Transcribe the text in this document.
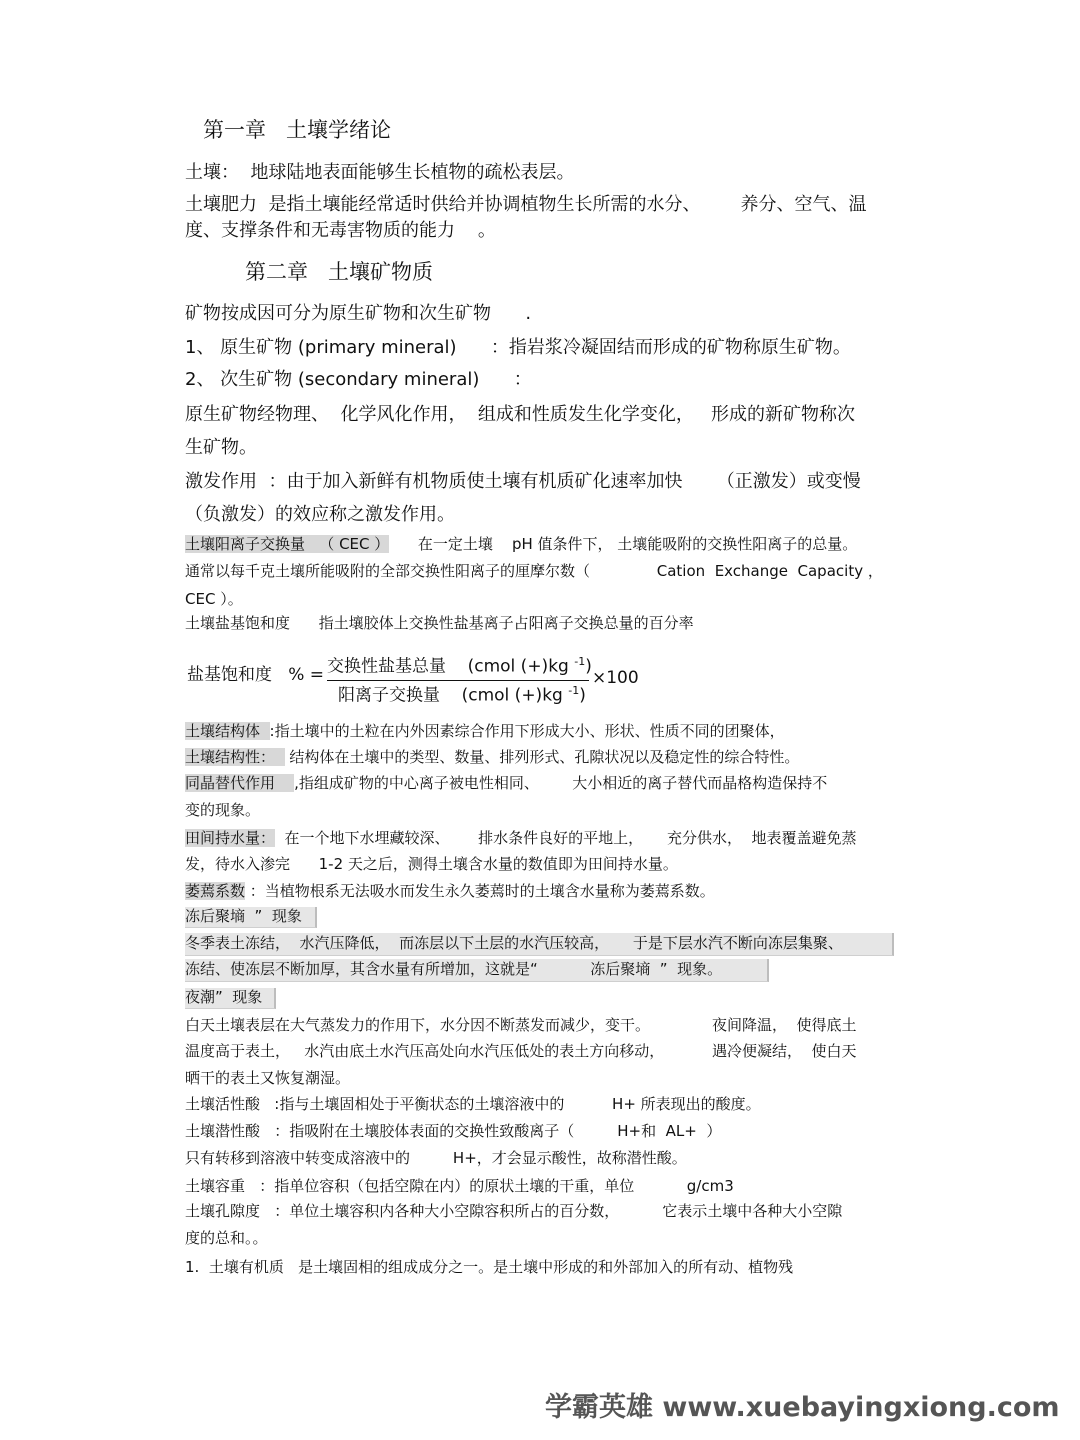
第一章   土壤学绪论
土壤：  地球陆地表面能够生长植物的疏松表层。
土壤肥力  是指土壤能经常适时供给并协调植物生长所需的水分、       养分、空气、温
度、支撑条件和无毒害物质的能力    。
第二章   土壤矿物质
矿物按成因可分为原生矿物和次生矿物      .
1、 原生矿物 (primary mineral)      ：指岩浆冷凝固结而形成的矿物称原生矿物。
2、 次生矿物 (secondary mineral)      ：
原生矿物经物理、  化学风化作用，  组成和性质发生化学变化，   形成的新矿物称次
生矿物。
激发作用  ：由于加入新鲜有机物质使土壤有机质矿化速率加快      （正激发）或变慢
（负激发）的效应称之激发作用。
土壤阳离子交换量   （ CEC ） 在一定土壤    pH 值条件下， 土壤能吸附的交换性阳离子的总量。
通常以每千克土壤所能吸附的全部交换性阳离子的厘摩尔数（              Cation  Exchange  Capacity ，
CEC ）。
土壤盐基饱和度      指土壤胶体上交换性盐基离子占阳离子交换总量的百分率
盐基饱和度   % = 交换性盐基总量    (cmol (+)kg $^{-1}$)
阳离子交换量    (cmol (+)kg $^{-1}$)
×100
土壤结构体  :指土壤中的土粒在内外因素综合作用下形成大小、形状、性质不同的团聚体，
土壤结构性：   结构体在土壤中的类型、数量、排列形式、孔隙状况以及稳定性的综合特性。
同晶替代作用    ,指组成矿物的中心离子被电性相同、       大小相近的离子替代而晶格构造保持不
变的现象。
田间持水量：  在一个地下水埋藏较深、      排水条件良好的平地上，     充分供水，  地表覆盖避免蒸
发，待水入渗完      1-2 天之后，测得土壤含水量的数值即为田间持水量。
萎蔫系数 ：当植物根系无法吸水而发生永久萎蔫时的土壤含水量称为萎蔫系数。
冻后聚墒  ”  现象
冬季表土冻结，  水汽压降低，  而冻层以下土层的水汽压较高，     于是下层水汽不断向冻层集聚、
冻结、使冻层不断加厚，其含水量有所增加，这就是“           冻后聚墒  ”  现象。
夜潮”  现象
白天土壤表层在大气蒸发力的作用下，水分因不断蒸发而减少，变干。             夜间降温，  使得底土
温度高于表土，   水汽由底土水汽压高处向水汽压低处的表土方向移动，          遇冷便凝结，  使白天
晒干的表土又恢复潮湿。
土壤活性酸   :指与土壤固相处于平衡状态的土壤溶液中的          H+ 所表现出的酸度。
土壤潜性酸   ：指吸附在土壤胶体表面的交换性致酸离子（         H+和  AL+  ）
只有转移到溶液中转变成溶液中的         H+，才会显示酸性，故称潜性酸。
土壤容重   ：指单位容积（包括空隙在内）的原状土壤的干重，单位           g/cm3
土壤孔隙度   ：单位土壤容积内各种大小空隙容积所占的百分数，         它表示土壤中各种大小空隙
度的总和。。
1.  土壤有机质   是土壤固相的组成成分之一。是土壤中形成的和外部加入的所有动、植物残
学霸英雄 www.xuebayingxiong.com
